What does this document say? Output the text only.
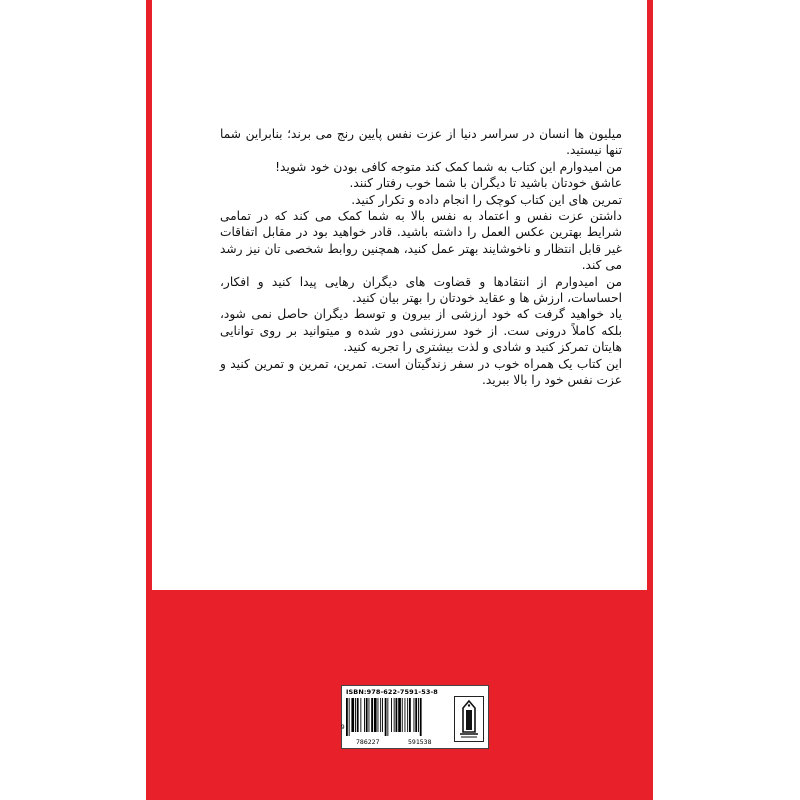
میلیون ها انسان در سراسر دنیا از عزت نفس پایین رنج می برند؛ بنابراین شما تنها نیستید.

من امیدوارم این کتاب به شما کمک کند متوجه کافی بودن خود شوید!

عاشق خودتان باشید تا دیگران با شما خوب رفتار کنند.

تمرین های این کتاب کوچک را انجام داده و تکرار کنید.

داشتن عزت نفس و اعتماد به نفس بالا به شما کمک می کند که در تمامی شرایط بهترین عکس العمل را داشته باشید. قادر خواهید بود در مقابل اتفاقات غیر قابل انتظار و ناخوشایند بهتر عمل کنید، همچنین روابط شخصی تان نیز رشد می کند.

من امیدوارم از انتقادها و قضاوت های دیگران رهایی پیدا کنید و افکار، احساسات، ارزش ها و عقاید خودتان را بهتر بیان کنید.

یاد خواهید گرفت که خود ارزشی از بیرون و توسط دیگران حاصل نمی شود، بلکه کاملاً درونی ست. از خود سرزنشی دور شده و میتوانید بر روی توانایی هایتان تمرکز کنید و شادی و لذت بیشتری را تجربه کنید.

این کتاب یک همراه خوب در سفر زندگیتان است. تمرین، تمرین و تمرین کنید و عزت نفس خود را بالا ببرید.

ISBN:978-622-7591-53-8
9
786227	591538
